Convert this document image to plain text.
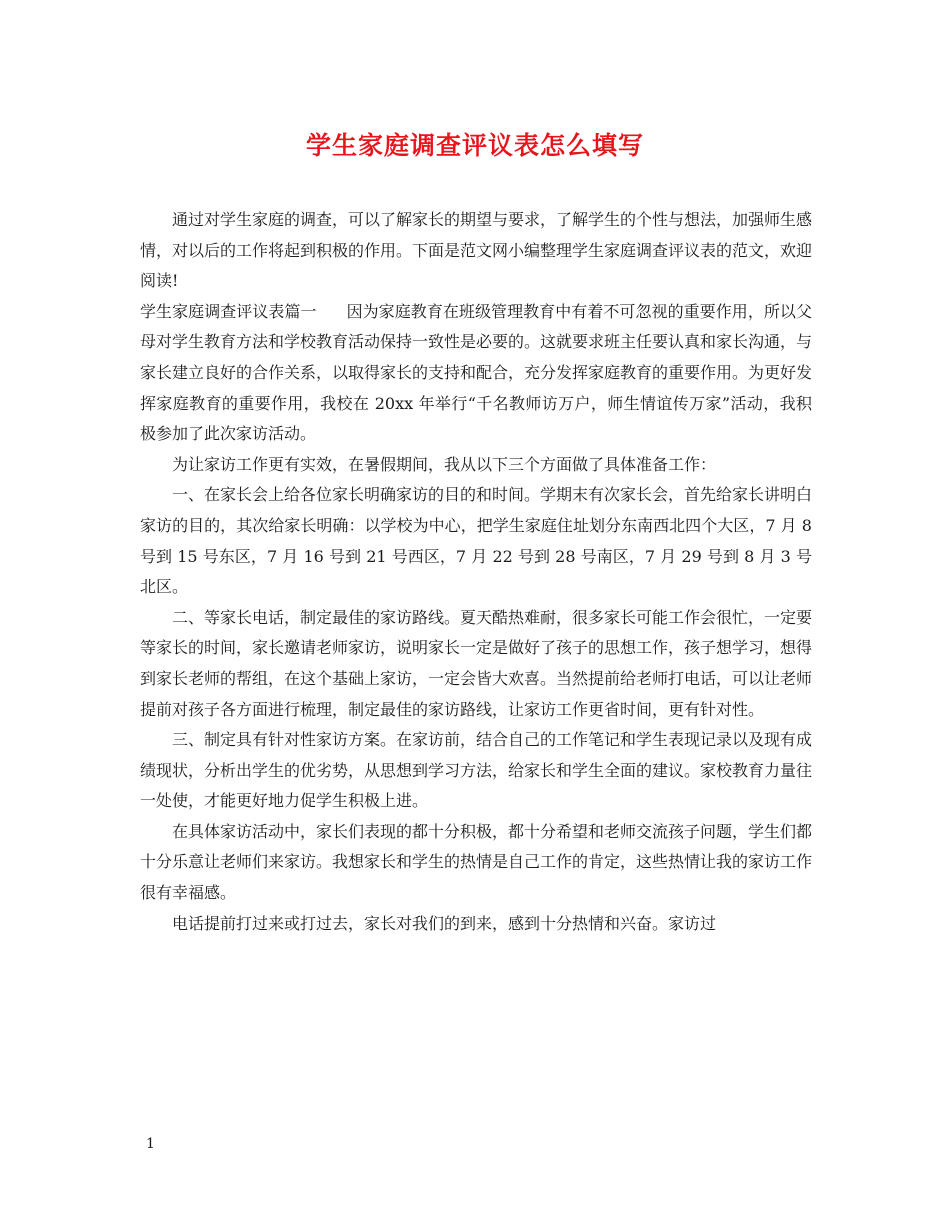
学生家庭调查评议表怎么填写

通过对学生家庭的调查，可以了解家长的期望与要求，了解学生的个性与想法，加强师生感情，对以后的工作将起到积极的作用。下面是范文网小编整理学生家庭调查评议表的范文，欢迎阅读!

学生家庭调查评议表篇一 因为家庭教育在班级管理教育中有着不可忽视的重要作用，所以父母对学生教育方法和学校教育活动保持一致性是必要的。这就要求班主任要认真和家长沟通，与家长建立良好的合作关系，以取得家长的支持和配合，充分发挥家庭教育的重要作用。为更好发挥家庭教育的重要作用，我校在 20xx 年举行“千名教师访万户，师生情谊传万家”活动，我积极参加了此次家访活动。

为让家访工作更有实效，在暑假期间，我从以下三个方面做了具体准备工作：

一、在家长会上给各位家长明确家访的目的和时间。学期末有次家长会，首先给家长讲明白家访的目的，其次给家长明确：以学校为中心，把学生家庭住址划分东南西北四个大区，7 月 8 号到 15 号东区，7 月 16 号到 21 号西区，7 月 22 号到 28 号南区，7 月 29 号到 8 月 3 号北区。

二、等家长电话，制定最佳的家访路线。夏天酷热难耐，很多家长可能工作会很忙，一定要等家长的时间，家长邀请老师家访，说明家长一定是做好了孩子的思想工作，孩子想学习，想得到家长老师的帮组，在这个基础上家访，一定会皆大欢喜。当然提前给老师打电话，可以让老师提前对孩子各方面进行梳理，制定最佳的家访路线，让家访工作更省时间，更有针对性。

三、制定具有针对性家访方案。在家访前，结合自己的工作笔记和学生表现记录以及现有成绩现状，分析出学生的优劣势，从思想到学习方法，给家长和学生全面的建议。家校教育力量往一处使，才能更好地力促学生积极上进。

在具体家访活动中，家长们表现的都十分积极，都十分希望和老师交流孩子问题，学生们都十分乐意让老师们来家访。我想家长和学生的热情是自己工作的肯定，这些热情让我的家访工作很有幸福感。

电话提前打过来或打过去，家长对我们的到来，感到十分热情和兴奋。家访过

1
